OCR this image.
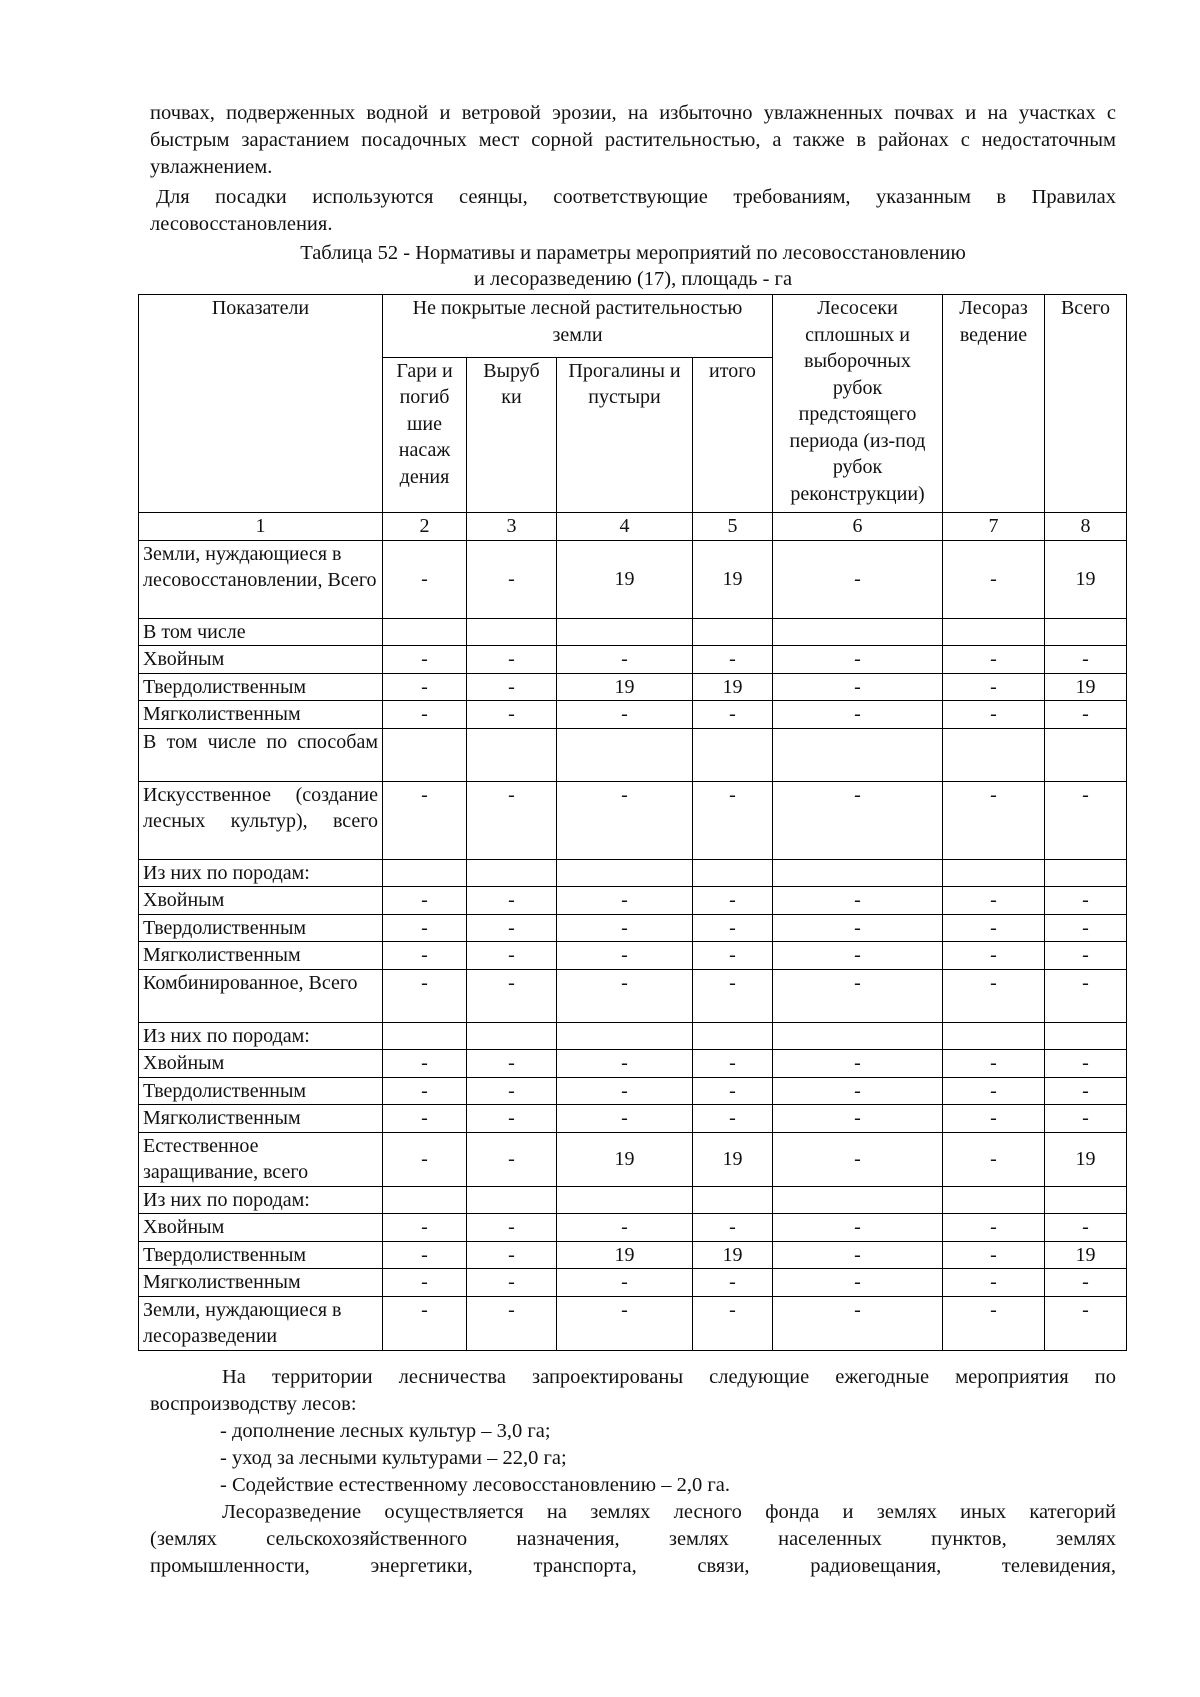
почвах, подверженных водной и ветровой эрозии, на избыточно увлажненных почвах и на участках с быстрым зарастанием посадочных мест сорной растительностью, а также в районах с недостаточным увлажнением.

Для посадки используются сеянцы, соответствующие требованиям, указанным в Правилах лесовосстановления.

Таблица 52 - Нормативы и параметры мероприятий по лесовосстановлению
и лесоразведению (17), площадь - га
Показатели	Не покрытые лесной растительностью земли				Лесосеки сплошных и выборочных рубок предстоящего периода (из-под рубок реконструкции)	Лесораз ведение	Всего
	Гари и погиб шие насаж дения	Выруб ки	Прогалины и пустыри	итого			
1	2	3	4	5	6	7	8
Земли, нуждающиеся в лесовосстановлении, Всего	-	-	19	19	-	-	19
В том числе							
Хвойным	-	-	-	-	-	-	-
Твердолиственным	-	-	19	19	-	-	19
Мягколиственным	-	-	-	-	-	-	-
В том числе по способам							
Искусственное (создание лесных культур), всего	-	-	-	-	-	-	-
Из них по породам:							
Хвойным	-	-	-	-	-	-	-
Твердолиственным	-	-	-	-	-	-	-
Мягколиственным	-	-	-	-	-	-	-
Комбинированное, Всего	-	-	-	-	-	-	-
Из них по породам:							
Хвойным	-	-	-	-	-	-	-
Твердолиственным	-	-	-	-	-	-	-
Мягколиственным	-	-	-	-	-	-	-
Естественное заращивание, всего	-	-	19	19	-	-	19
Из них по породам:							
Хвойным	-	-	-	-	-	-	-
Твердолиственным	-	-	19	19	-	-	19
Мягколиственным	-	-	-	-	-	-	-
Земли, нуждающиеся в лесоразведении	-	-	-	-	-	-	-

На территории лесничества запроектированы следующие ежегодные мероприятия по воспроизводству лесов:

- дополнение лесных культур – 3,0 га;
- уход за лесными культурами – 22,0 га;
- Содействие естественному лесовосстановлению – 2,0 га.
Лесоразведение осуществляется на землях лесного фонда и землях иных категорий
(землях сельскохозяйственного назначения, землях населенных пунктов, землях
промышленности, энергетики, транспорта, связи, радиовещания, телевидения,
